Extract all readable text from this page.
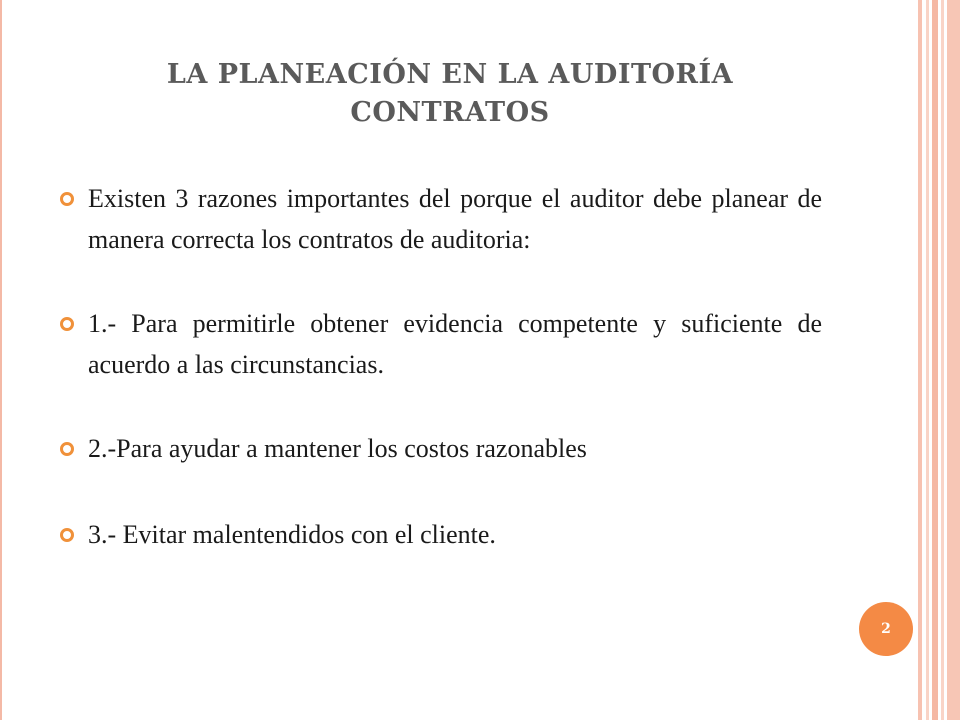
LA PLANEACIÓN EN LA AUDITORÍA
CONTRATOS
Existen 3 razones importantes del porque el auditor debe planear de manera correcta los contratos de auditoria:
1.- Para permitirle obtener evidencia competente y suficiente de acuerdo a las circunstancias.
2.-Para ayudar a mantener los costos razonables
3.- Evitar malentendidos con el cliente.
2
